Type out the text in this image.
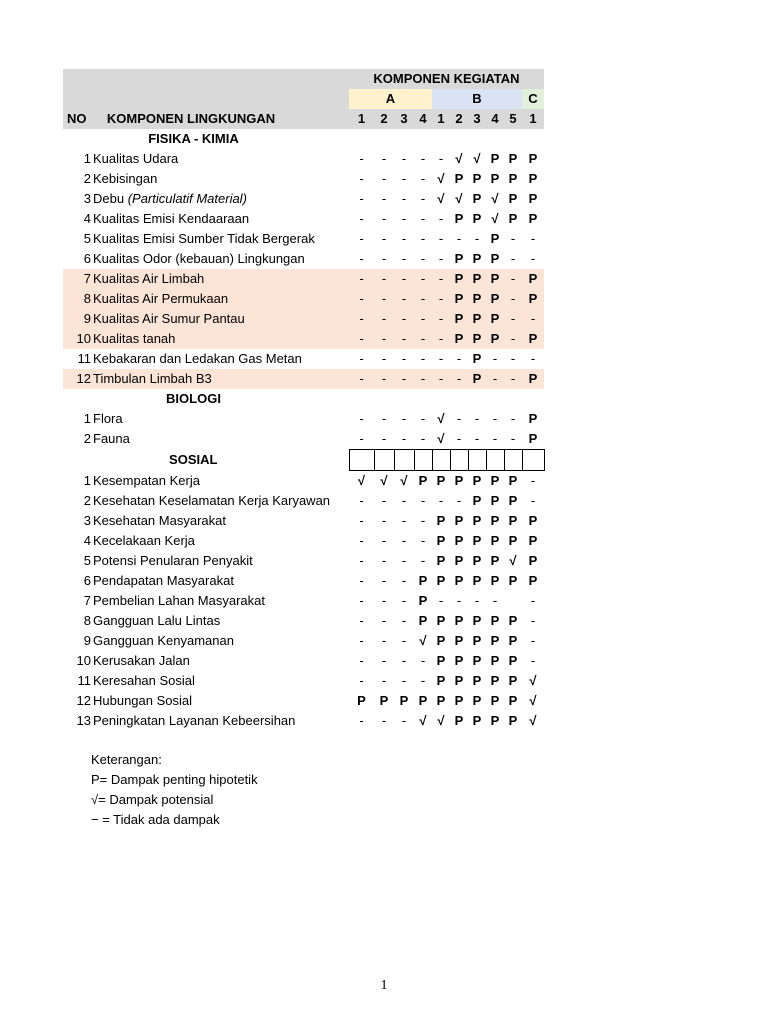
		KOMPONEN KEGIATAN									
		A				B					C
NO	KOMPONEN LINGKUNGAN	1	2	3	4	1	2	3	4	5	1
	FISIKA - KIMIA										
1	Kualitas Udara	-	-	-	-	-	√	√	P	P	P
2	Kebisingan	-	-	-	-	√	P	P	P	P	P
3	Debu (Particulatif Material)	-	-	-	-	√	√	P	√	P	P
4	Kualitas Emisi Kendaaraan	-	-	-	-	-	P	P	√	P	P
5	Kualitas Emisi Sumber Tidak Bergerak	-	-	-	-	-	-	-	P	-	-
6	Kualitas Odor (kebauan) Lingkungan	-	-	-	-	-	P	P	P	-	-
7	Kualitas Air Limbah	-	-	-	-	-	P	P	P	-	P
8	Kualitas Air Permukaan	-	-	-	-	-	P	P	P	-	P
9	Kualitas Air Sumur Pantau	-	-	-	-	-	P	P	P	-	-
10	Kualitas tanah	-	-	-	-	-	P	P	P	-	P
11	Kebakaran dan Ledakan Gas Metan	-	-	-	-	-	-	P	-	-	-
12	Timbulan Limbah B3	-	-	-	-	-	-	P	-	-	P
	BIOLOGI										
1	Flora	-	-	-	-	√	-	-	-	-	P
2	Fauna	-	-	-	-	√	-	-	-	-	P
	SOSIAL										
1	Kesempatan Kerja	√	√	√	P	P	P	P	P	P	-
2	Kesehatan Keselamatan Kerja Karyawan	-	-	-	-	-	-	P	P	P	-
3	Kesehatan Masyarakat	-	-	-	-	P	P	P	P	P	P
4	Kecelakaan Kerja	-	-	-	-	P	P	P	P	P	P
5	Potensi Penularan Penyakit	-	-	-	-	P	P	P	P	√	P
6	Pendapatan Masyarakat	-	-	-	P	P	P	P	P	P	P
7	Pembelian Lahan Masyarakat	-	-	-	P	-	-	-	-		-
8	Gangguan Lalu Lintas	-	-	-	P	P	P	P	P	P	-
9	Gangguan Kenyamanan	-	-	-	√	P	P	P	P	P	-
10	Kerusakan Jalan	-	-	-	-	P	P	P	P	P	-
11	Keresahan Sosial	-	-	-	-	P	P	P	P	P	√
12	Hubungan Sosial	P	P	P	P	P	P	P	P	P	√
13	Peningkatan Layanan Kebeersihan	-	-	-	√	√	P	P	P	P	√
Keterangan:
P= Dampak penting hipotetik
√= Dampak potensial
− = Tidak ada dampak
1
